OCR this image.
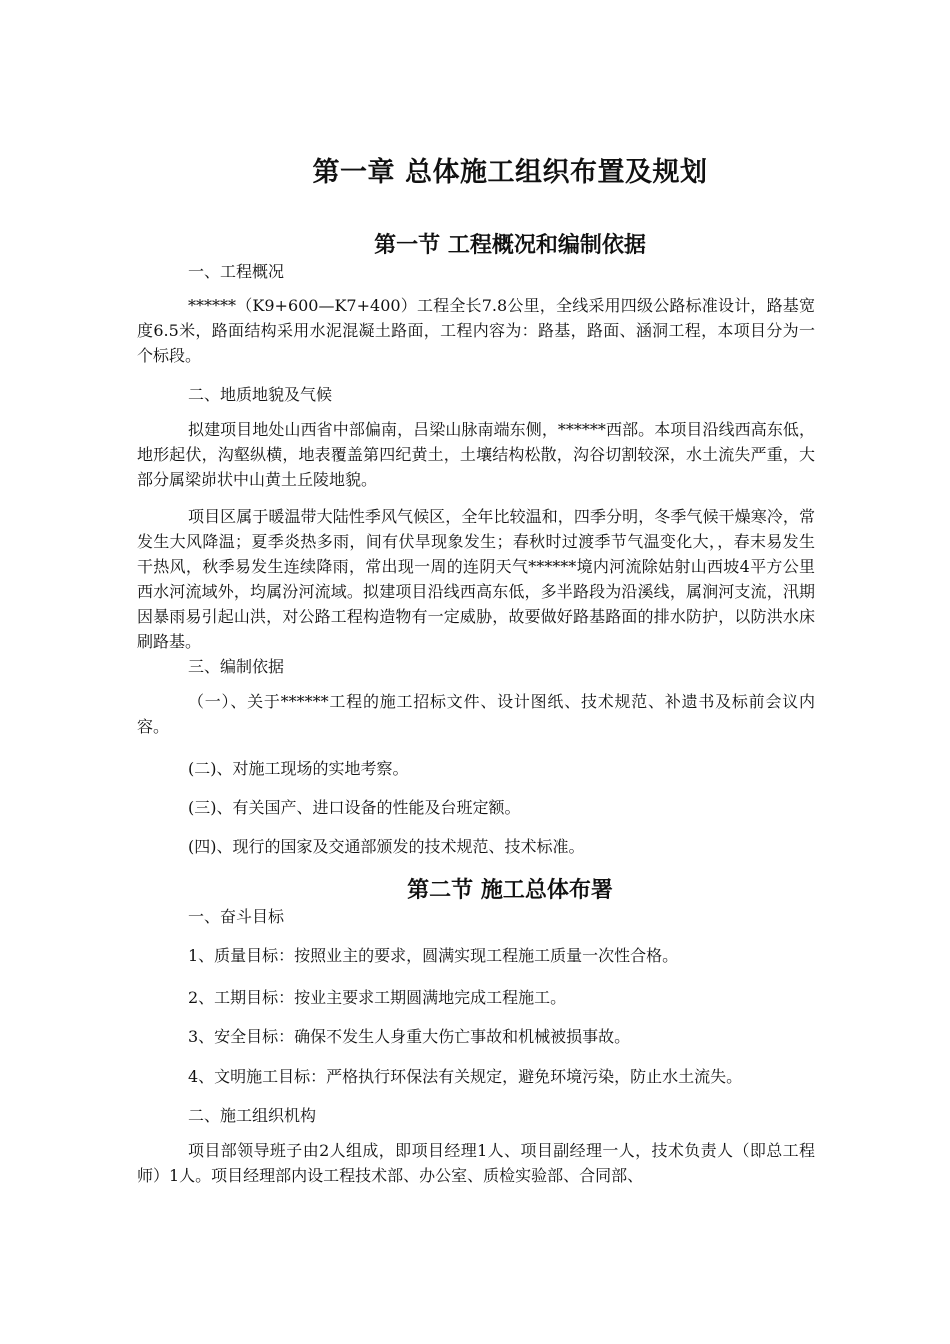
第一章 总体施工组织布置及规划
第一节 工程概况和编制依据

一、工程概况

******（K9+600—K7+400）工程全长7.8公里，全线采用四级公路标准设计，路基宽度6.5米，路面结构采用水泥混凝土路面，工程内容为：路基，路面、涵洞工程，本项目分为一个标段。

二、地质地貌及气候

拟建项目地处山西省中部偏南，吕梁山脉南端东侧，******西部。本项目沿线西高东低，地形起伏，沟壑纵横，地表覆盖第四纪黄土，土壤结构松散，沟谷切割较深，水土流失严重，大部分属梁峁状中山黄土丘陵地貌。

项目区属于暖温带大陆性季风气候区，全年比较温和，四季分明，冬季气候干燥寒冷，常发生大风降温；夏季炎热多雨，间有伏旱现象发生；春秋时过渡季节气温变化大，，春末易发生干热风，秋季易发生连续降雨，常出现一周的连阴天气******境内河流除姑射山西坡4平方公里西水河流域外，均属汾河流域。拟建项目沿线西高东低，多半路段为沿溪线，属涧河支流，汛期因暴雨易引起山洪，对公路工程构造物有一定威胁，故要做好路基路面的排水防护，以防洪水床刷路基。

三、编制依据

（一）、关于******工程的施工招标文件、设计图纸、技术规范、补遗书及标前会议内容。

(二)、对施工现场的实地考察。

(三)、有关国产、进口设备的性能及台班定额。

(四)、现行的国家及交通部颁发的技术规范、技术标准。

第二节 施工总体布署

一、奋斗目标

1、质量目标：按照业主的要求，圆满实现工程施工质量一次性合格。

2、工期目标：按业主要求工期圆满地完成工程施工。

3、安全目标：确保不发生人身重大伤亡事故和机械被损事故。

4、文明施工目标：严格执行环保法有关规定，避免环境污染，防止水土流失。

二、施工组织机构

项目部领导班子由2人组成，即项目经理1人、项目副经理一人，技术负责人（即总工程师）1人。项目经理部内设工程技术部、办公室、质检实验部、合同部、
